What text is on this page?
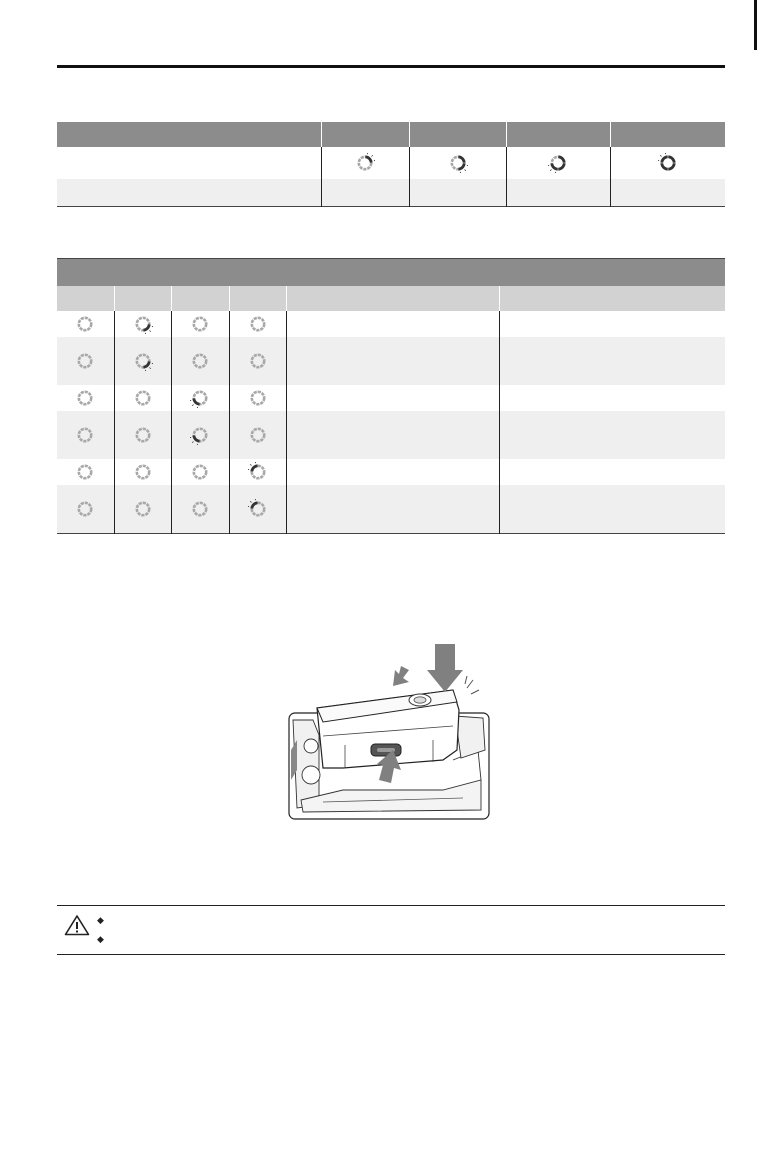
◆
◆
